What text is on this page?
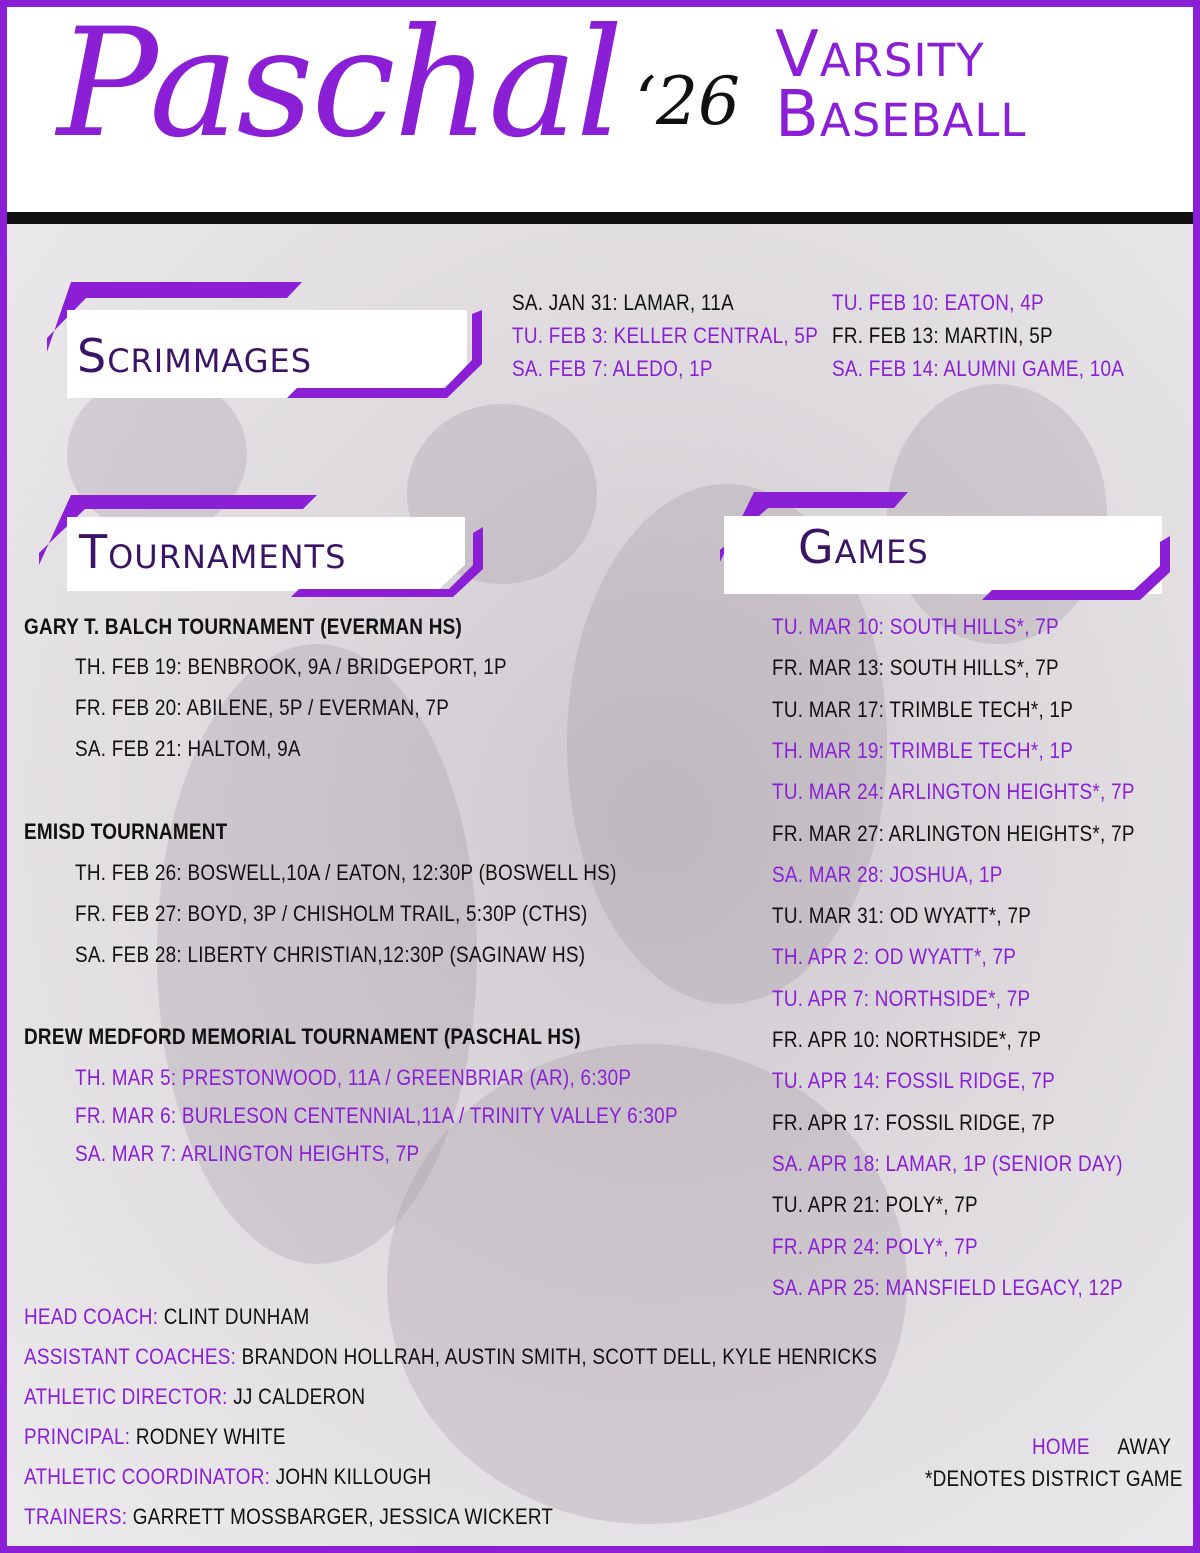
Paschal ‘26
Varsity
Baseball
Scrimmages
Tournaments	Games
SA. JAN 31: LAMAR, 11A
TU. FEB 3: KELLER CENTRAL, 5P
SA. FEB 7: ALEDO, 1P
TU. FEB 10: EATON, 4P
FR. FEB 13: MARTIN, 5P
SA. FEB 14: ALUMNI GAME, 10A
GARY T. BALCH TOURNAMENT (EVERMAN HS)
TH. FEB 19: BENBROOK, 9A / BRIDGEPORT, 1P
FR. FEB 20: ABILENE, 5P / EVERMAN, 7P
SA. FEB 21: HALTOM, 9A
EMISD TOURNAMENT
TH. FEB 26: BOSWELL,10A / EATON, 12:30P (BOSWELL HS)
FR. FEB 27: BOYD, 3P / CHISHOLM TRAIL, 5:30P (CTHS)
SA. FEB 28: LIBERTY CHRISTIAN,12:30P (SAGINAW HS)
DREW MEDFORD MEMORIAL TOURNAMENT (PASCHAL HS)
TH. MAR 5: PRESTONWOOD, 11A / GREENBRIAR (AR), 6:30P
FR. MAR 6: BURLESON CENTENNIAL,11A / TRINITY VALLEY 6:30P
SA. MAR 7: ARLINGTON HEIGHTS, 7P
TU. MAR 10: SOUTH HILLS*, 7P
FR. MAR 13: SOUTH HILLS*, 7P
TU. MAR 17: TRIMBLE TECH*, 1P
TH. MAR 19: TRIMBLE TECH*, 1P
TU. MAR 24: ARLINGTON HEIGHTS*, 7P
FR. MAR 27: ARLINGTON HEIGHTS*, 7P
SA. MAR 28: JOSHUA, 1P
TU. MAR 31: OD WYATT*, 7P
TH. APR 2: OD WYATT*, 7P
TU. APR 7: NORTHSIDE*, 7P
FR. APR 10: NORTHSIDE*, 7P
TU. APR 14: FOSSIL RIDGE, 7P
FR. APR 17: FOSSIL RIDGE, 7P
SA. APR 18: LAMAR, 1P (SENIOR DAY)
TU. APR 21: POLY*, 7P
FR. APR 24: POLY*, 7P
SA. APR 25: MANSFIELD LEGACY, 12P
HEAD COACH: CLINT DUNHAM
ASSISTANT COACHES: BRANDON HOLLRAH, AUSTIN SMITH, SCOTT DELL, KYLE HENRICKS
ATHLETIC DIRECTOR: JJ CALDERON
PRINCIPAL: RODNEY WHITE
ATHLETIC COORDINATOR: JOHN KILLOUGH
TRAINERS: GARRETT MOSSBARGER, JESSICA WICKERT
HOME AWAY
*DENOTES DISTRICT GAME
